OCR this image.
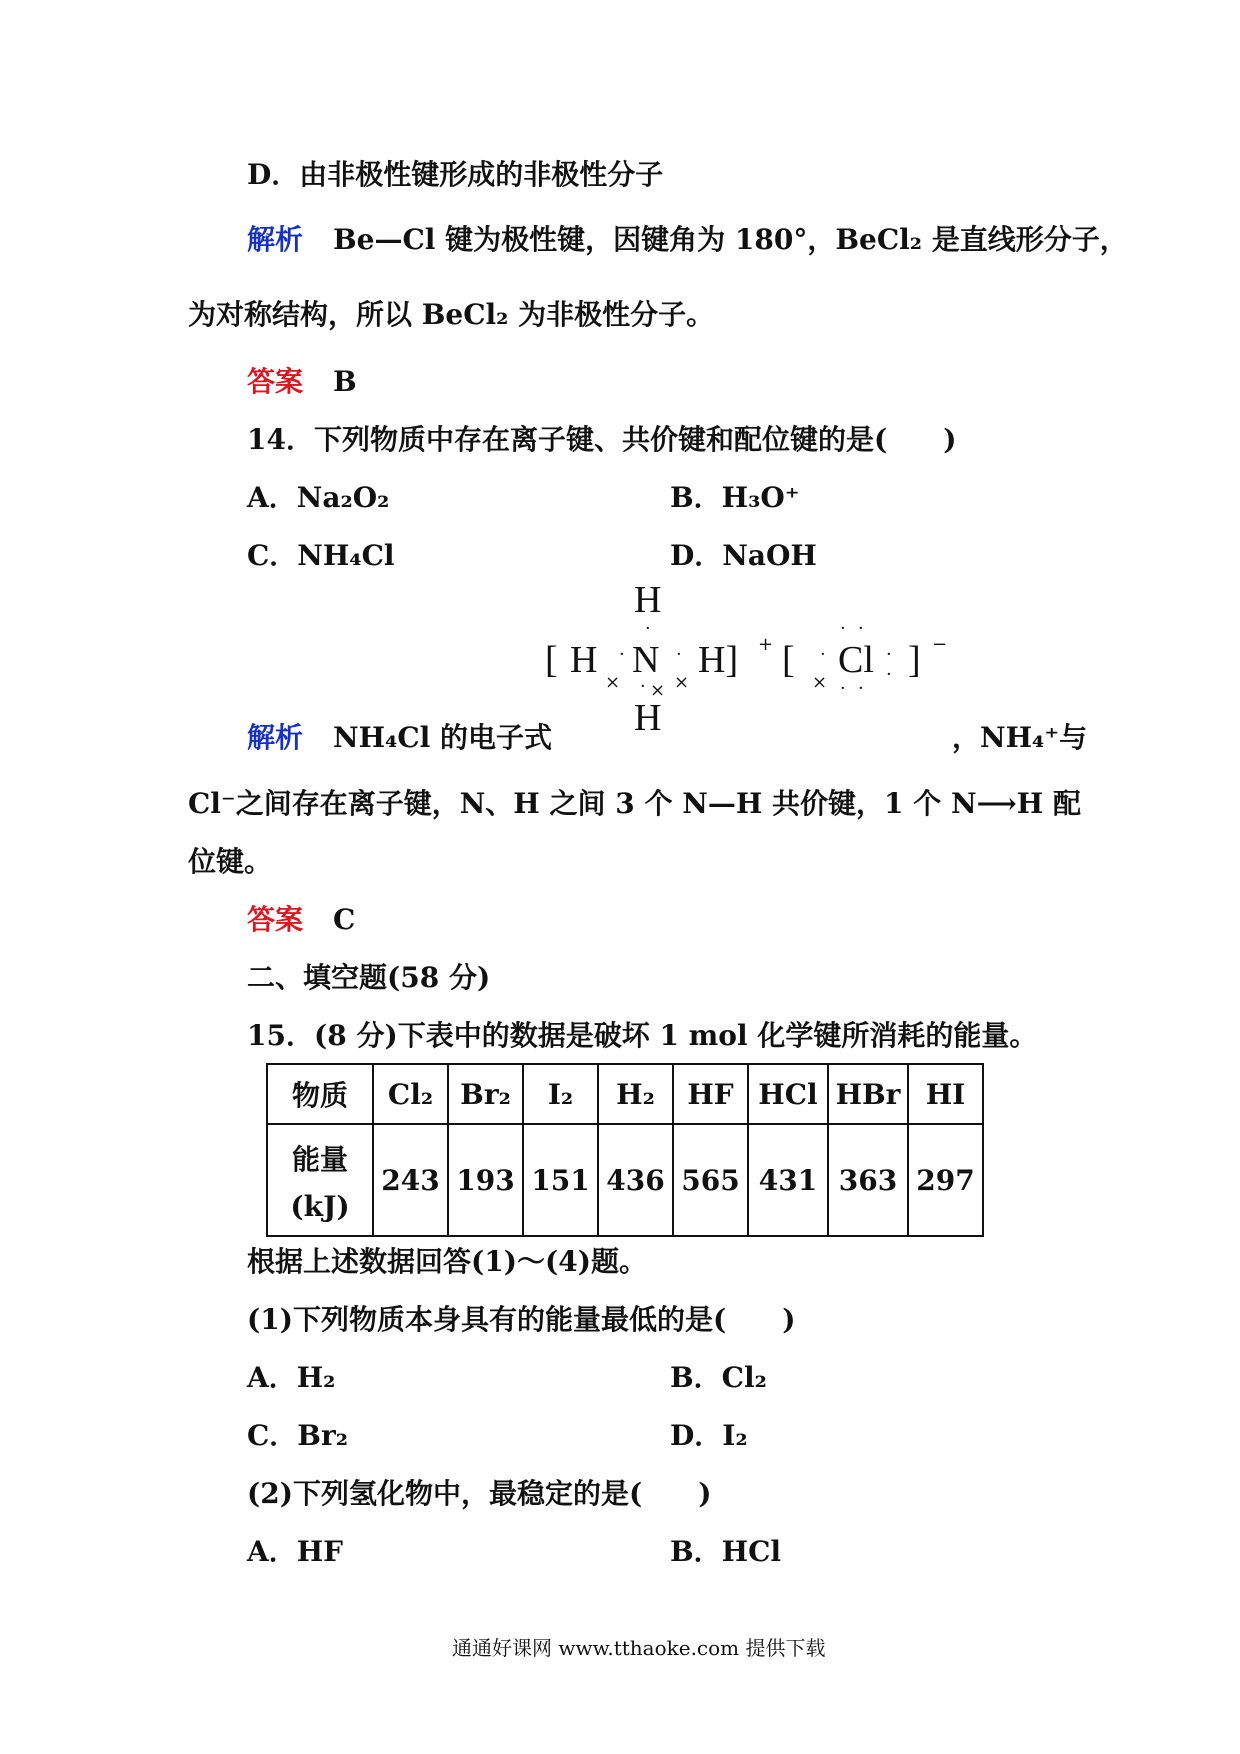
D．由非极性键形成的非极性分子
解析 Be—Cl 键为极性键，因键角为 180°，BeCl₂ 是直线形分子，
为对称结构，所以 BeCl₂ 为非极性分子。
答案 B
14．下列物质中存在离子键、共价键和配位键的是(　　)
A．Na₂O₂	B．H₃O⁺
C．NH₄Cl	D．NaOH
H
[ H N H] + [ Cl ] −
H
× × ×	×
·
·
·
·
·
· ·
·
·
· ·
解析 NH₄Cl 的电子式	，NH₄⁺与
Cl⁻之间存在离子键，N、H 之间 3 个 N—H 共价键，1 个 N⟶H 配
位键。
答案 C
二、填空题(58 分)
15．(8 分)下表中的数据是破坏 1 mol 化学键所消耗的能量。
物质	Cl₂	Br₂	I₂	H₂	HF	HCl	HBr	HI

能量
(kJ)	243	193	151	436	565	431	363	297
根据上述数据回答(1)～(4)题。
(1)下列物质本身具有的能量最低的是(　　)
A．H₂	B．Cl₂
C．Br₂	D．I₂
(2)下列氢化物中，最稳定的是(　　)
A．HF	B．HCl
通通好课网 www.tthaoke.com 提供下载
